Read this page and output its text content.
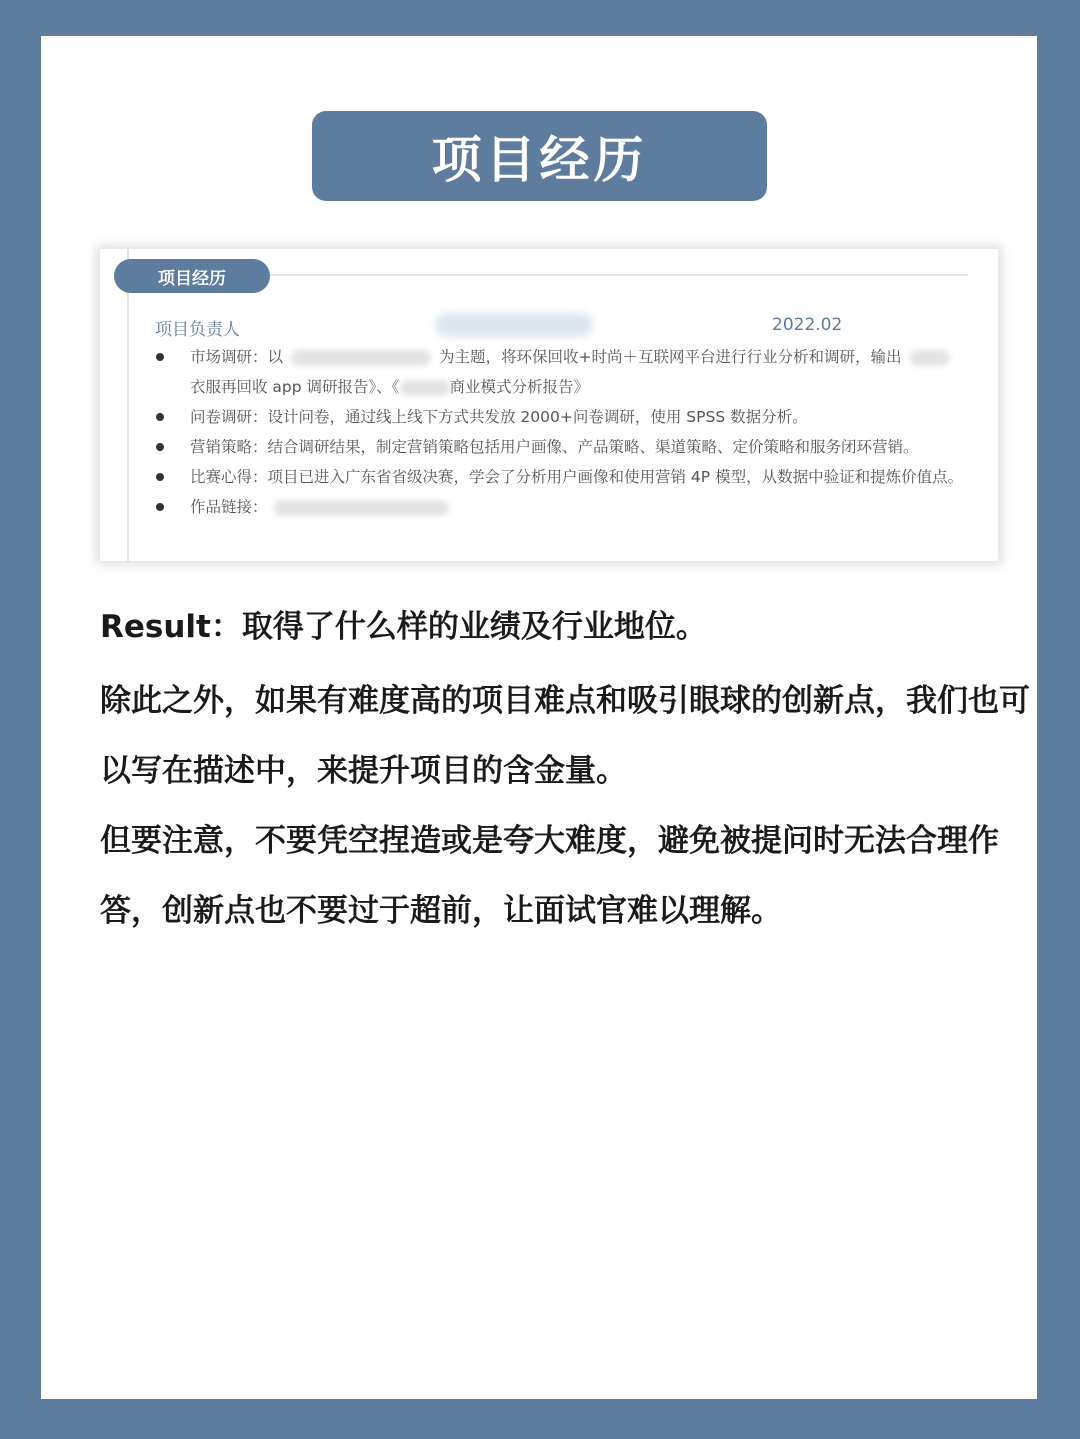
项目经历
项目经历
项目负责人	2022.02
市场调研：以	为主题，将环保回收+时尚＋互联网平台进行行业分析和调研，输出
衣服再回收 app 调研报告》、《	商业模式分析报告》
问卷调研：设计问卷，通过线上线下方式共发放 2000+问卷调研，使用 SPSS 数据分析。
营销策略：结合调研结果，制定营销策略包括用户画像、产品策略、渠道策略、定价策略和服务闭环营销。
比赛心得：项目已进入广东省省级决赛，学会了分析用户画像和使用营销 4P 模型，从数据中验证和提炼价值点。
作品链接：

Result：取得了什么样的业绩及行业地位。

除此之外，如果有难度高的项目难点和吸引眼球的创新点，我们也可以写在描述中，来提升项目的含金量。

但要注意，不要凭空捏造或是夸大难度，避免被提问时无法合理作答，创新点也不要过于超前，让面试官难以理解。
